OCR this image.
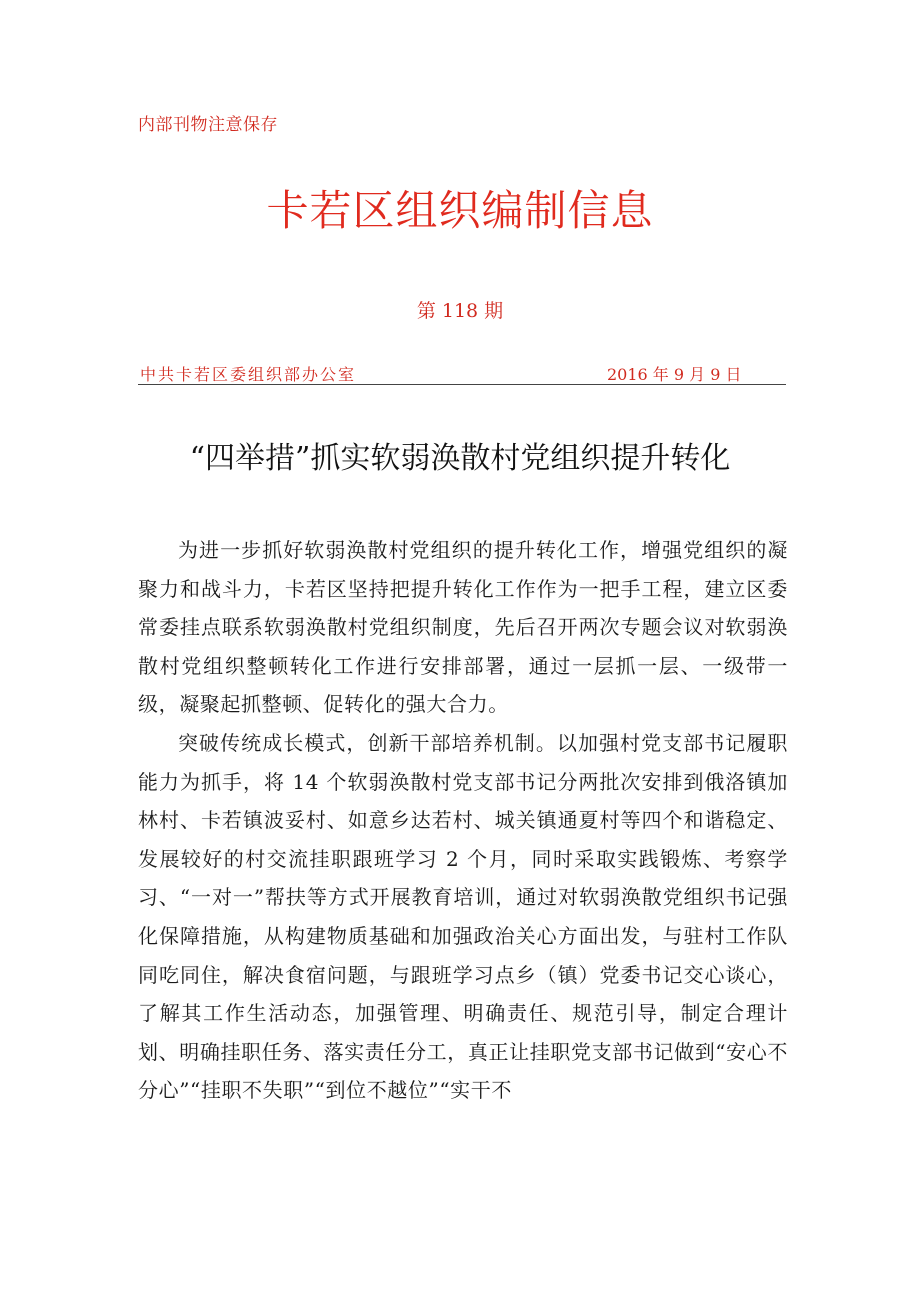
内部刊物注意保存
卡若区组织编制信息
第 118 期
中共卡若区委组织部办公室	2016 年 9 月 9 日
“四举措”抓实软弱涣散村党组织提升转化

为进一步抓好软弱涣散村党组织的提升转化工作，增强党组织的凝聚力和战斗力，卡若区坚持把提升转化工作作为一把手工程，建立区委常委挂点联系软弱涣散村党组织制度，先后召开两次专题会议对软弱涣散村党组织整顿转化工作进行安排部署，通过一层抓一层、一级带一级，凝聚起抓整顿、促转化的强大合力。

突破传统成长模式，创新干部培养机制。以加强村党支部书记履职能力为抓手，将 14 个软弱涣散村党支部书记分两批次安排到俄洛镇加林村、卡若镇波妥村、如意乡达若村、城关镇通夏村等四个和谐稳定、发展较好的村交流挂职跟班学习 2 个月，同时采取实践锻炼、考察学习、“一对一”帮扶等方式开展教育培训，通过对软弱涣散党组织书记强化保障措施，从构建物质基础和加强政治关心方面出发，与驻村工作队同吃同住，解决食宿问题，与跟班学习点乡（镇）党委书记交心谈心，了解其工作生活动态，加强管理、明确责任、规范引导，制定合理计划、明确挂职任务、落实责任分工，真正让挂职党支部书记做到“安心不分心”“挂职不失职”“到位不越位”“实干不
